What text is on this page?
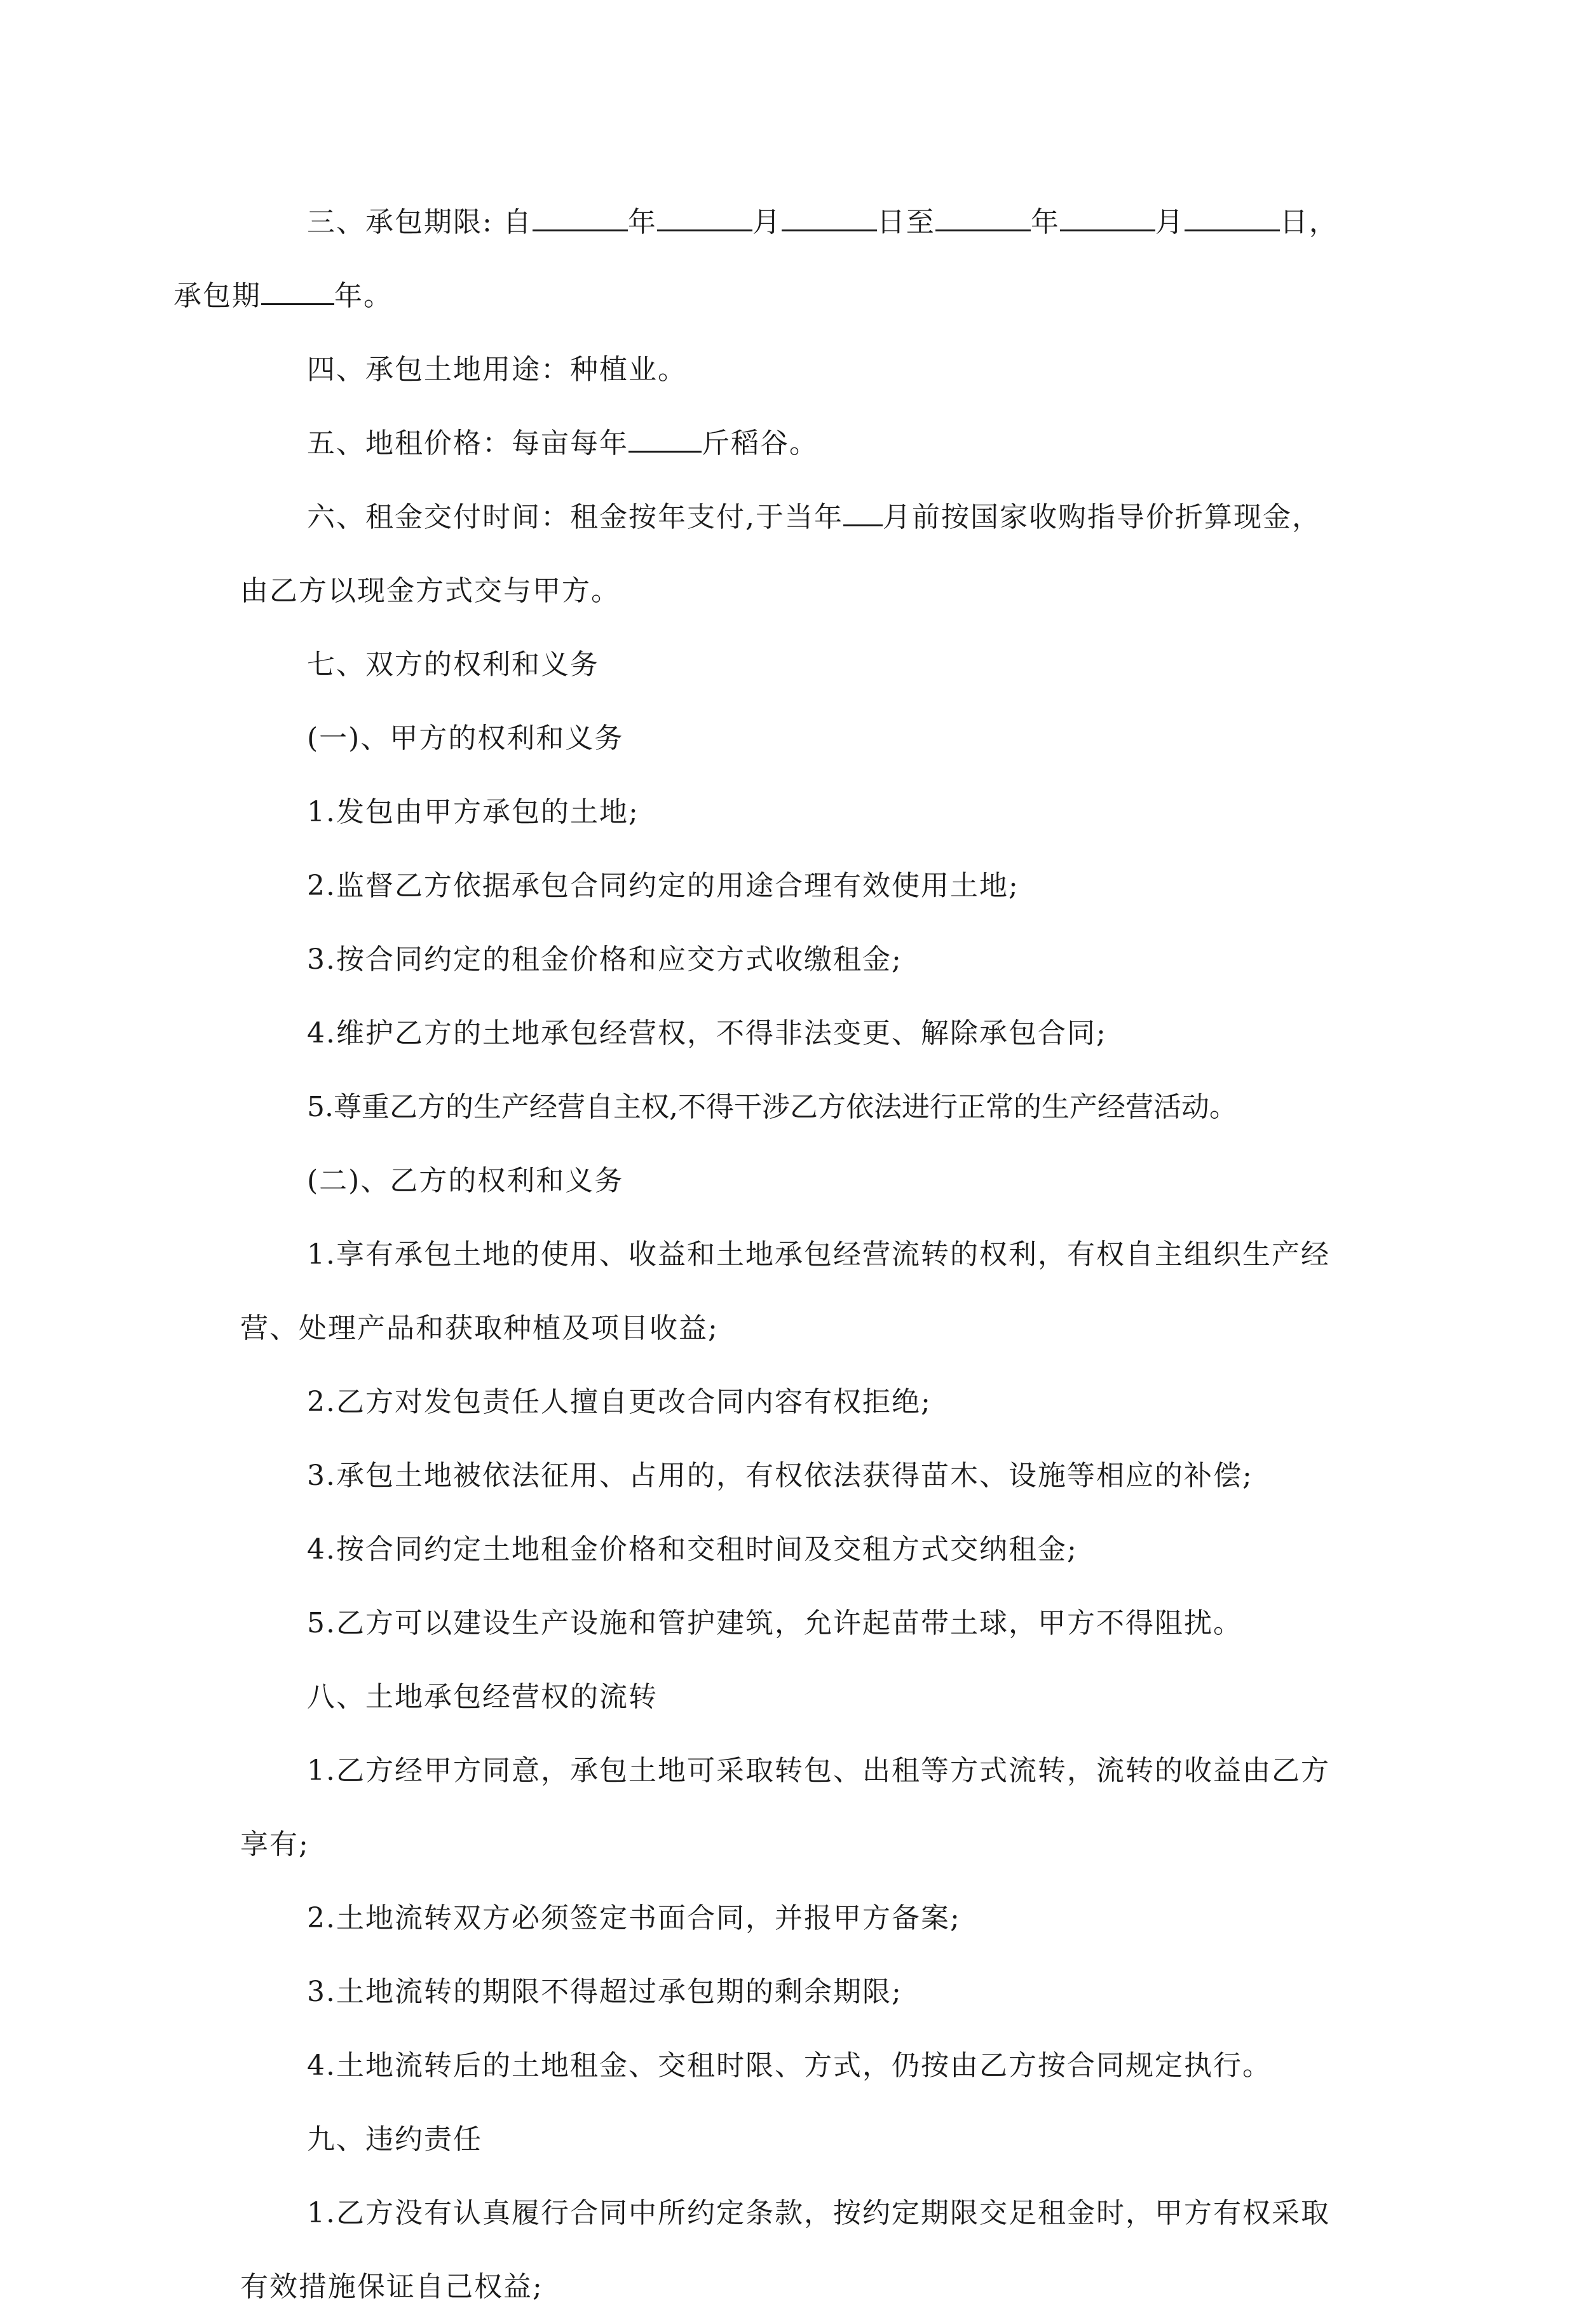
三、承包期限: 自	年	月	日至	年	月	日，
承包期	年。

四、承包土地用途：种植业。

五、地租价格：每亩每年	斤稻谷。

六、租金交付时间：租金按年支付,于当年 月前按国家收购指导价折算现金，由乙方以现金方式交与甲方。

七、双方的权利和义务

(一)、甲方的权利和义务

1.发包由甲方承包的土地;

2.监督乙方依据承包合同约定的用途合理有效使用土地;

3.按合同约定的租金价格和应交方式收缴租金;

4.维护乙方的土地承包经营权，不得非法变更、解除承包合同;

5.尊重乙方的生产经营自主权,不得干涉乙方依法进行正常的生产经营活动。

(二)、乙方的权利和义务

1.享有承包土地的使用、收益和土地承包经营流转的权利，有权自主组织生产经营、处理产品和获取种植及项目收益;

2.乙方对发包责任人擅自更改合同内容有权拒绝;

3.承包土地被依法征用、占用的，有权依法获得苗木、设施等相应的补偿;

4.按合同约定土地租金价格和交租时间及交租方式交纳租金;

5.乙方可以建设生产设施和管护建筑，允许起苗带土球，甲方不得阻扰。

八、土地承包经营权的流转

1.乙方经甲方同意，承包土地可采取转包、出租等方式流转，流转的收益由乙方享有;

2.土地流转双方必须签定书面合同，并报甲方备案;

3.土地流转的期限不得超过承包期的剩余期限;

4.土地流转后的土地租金、交租时限、方式，仍按由乙方按合同规定执行。

九、违约责任

1.乙方没有认真履行合同中所约定条款，按约定期限交足租金时，甲方有权采取有效措施保证自己权益;
